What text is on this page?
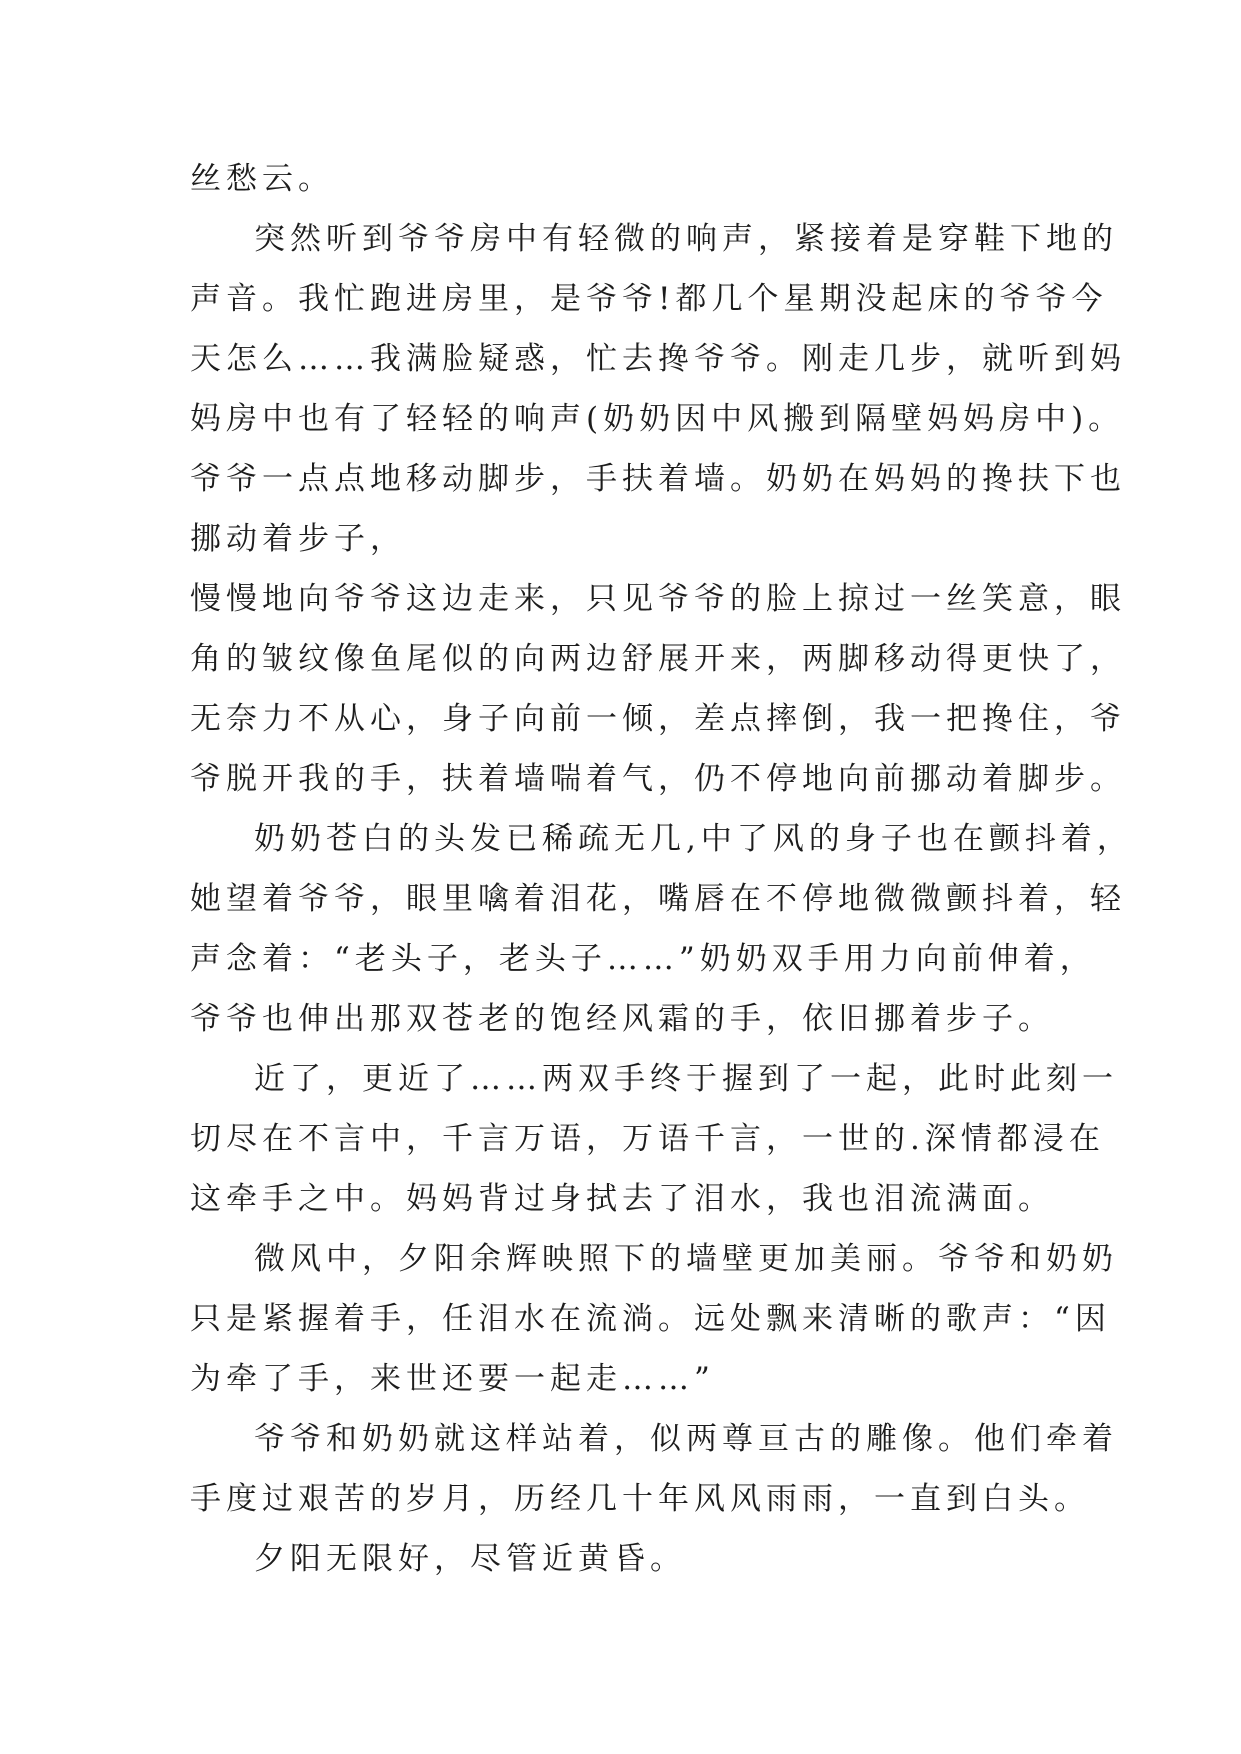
丝愁云。
突然听到爷爷房中有轻微的响声，紧接着是穿鞋下地的
声音。我忙跑进房里，是爷爷!都几个星期没起床的爷爷今
天怎么……我满脸疑惑，忙去搀爷爷。刚走几步，就听到妈
妈房中也有了轻轻的响声(奶奶因中风搬到隔壁妈妈房中)。
爷爷一点点地移动脚步，手扶着墙。奶奶在妈妈的搀扶下也
挪动着步子，
慢慢地向爷爷这边走来，只见爷爷的脸上掠过一丝笑意，眼
角的皱纹像鱼尾似的向两边舒展开来，两脚移动得更快了，
无奈力不从心，身子向前一倾，差点摔倒，我一把搀住，爷
爷脱开我的手，扶着墙喘着气，仍不停地向前挪动着脚步。
奶奶苍白的头发已稀疏无几,中了风的身子也在颤抖着，
她望着爷爷，眼里噙着泪花，嘴唇在不停地微微颤抖着，轻
声念着：“老头子，老头子……”奶奶双手用力向前伸着，
爷爷也伸出那双苍老的饱经风霜的手，依旧挪着步子。
近了，更近了……两双手终于握到了一起，此时此刻一
切尽在不言中，千言万语，万语千言，一世的.深情都浸在
这牵手之中。妈妈背过身拭去了泪水，我也泪流满面。
微风中，夕阳余辉映照下的墙壁更加美丽。爷爷和奶奶
只是紧握着手，任泪水在流淌。远处飘来清晰的歌声：“因
为牵了手，来世还要一起走……”
爷爷和奶奶就这样站着，似两尊亘古的雕像。他们牵着
手度过艰苦的岁月，历经几十年风风雨雨，一直到白头。
夕阳无限好，尽管近黄昏。
